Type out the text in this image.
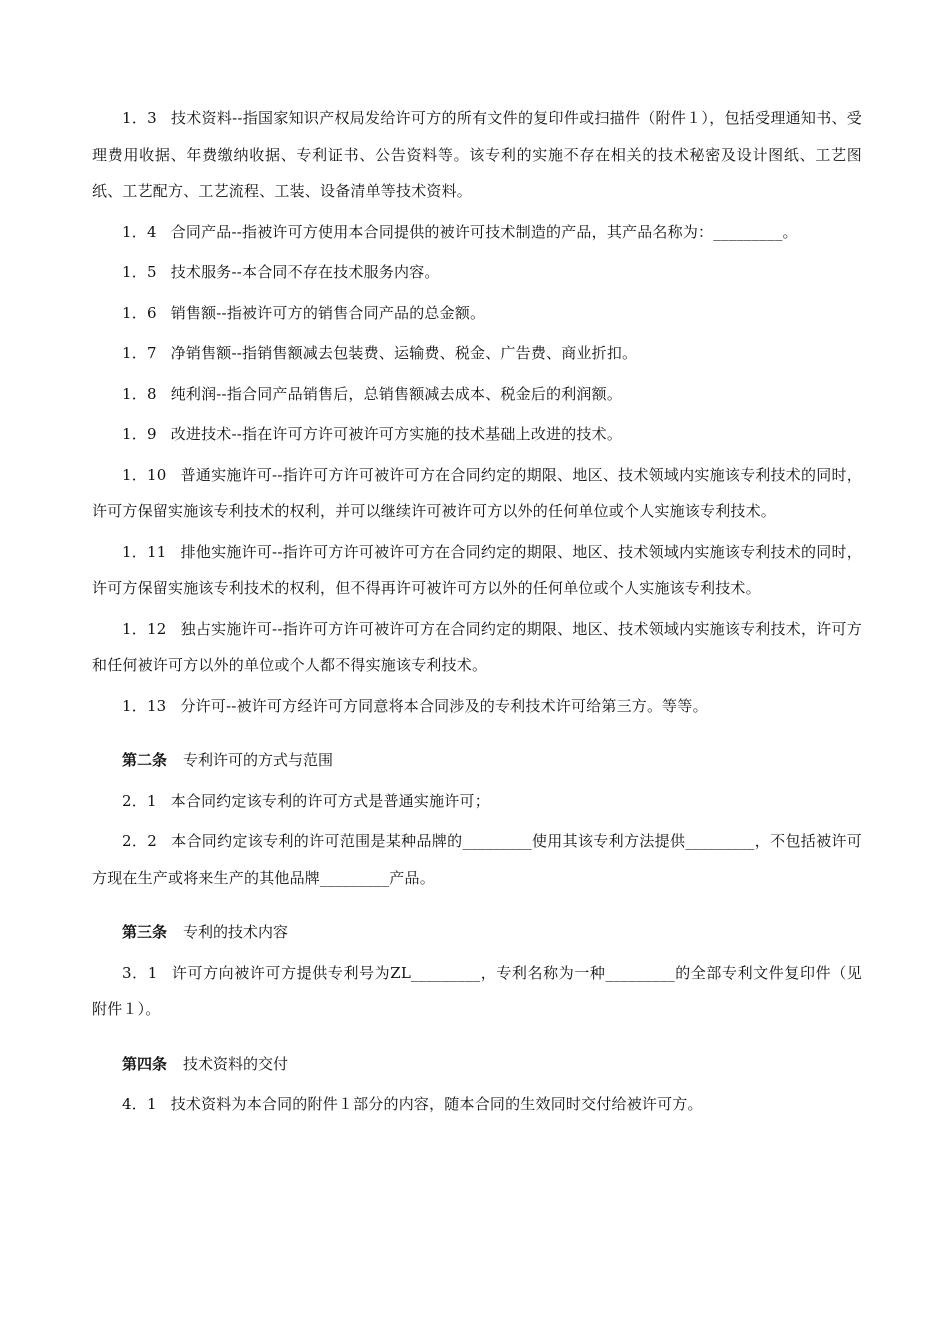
1．3 技术资料--指国家知识产权局发给许可方的所有文件的复印件或扫描件（附件１），包括受理通知书、受理费用收据、年费缴纳收据、专利证书、公告资料等。该专利的实施不存在相关的技术秘密及设计图纸、工艺图纸、工艺配方、工艺流程、工装、设备清单等技术资料。

1．4 合同产品--指被许可方使用本合同提供的被许可技术制造的产品，其产品名称为：_________。

1．5 技术服务--本合同不存在技术服务内容。

1．6 销售额--指被许可方的销售合同产品的总金额。

1．7 净销售额--指销售额减去包装费、运输费、税金、广告费、商业折扣。

1．8 纯利润--指合同产品销售后，总销售额减去成本、税金后的利润额。

1．9 改进技术--指在许可方许可被许可方实施的技术基础上改进的技术。

1．10 普通实施许可--指许可方许可被许可方在合同约定的期限、地区、技术领域内实施该专利技术的同时，许可方保留实施该专利技术的权利，并可以继续许可被许可方以外的任何单位或个人实施该专利技术。

1．11 排他实施许可--指许可方许可被许可方在合同约定的期限、地区、技术领域内实施该专利技术的同时，许可方保留实施该专利技术的权利，但不得再许可被许可方以外的任何单位或个人实施该专利技术。

1．12 独占实施许可--指许可方许可被许可方在合同约定的期限、地区、技术领域内实施该专利技术，许可方和任何被许可方以外的单位或个人都不得实施该专利技术。

1．13 分许可--被许可方经许可方同意将本合同涉及的专利技术许可给第三方。等等。

第二条 专利许可的方式与范围

2．1 本合同约定该专利的许可方式是普通实施许可；

2．2 本合同约定该专利的许可范围是某种品牌的_________使用其该专利方法提供_________，不包括被许可方现在生产或将来生产的其他品牌_________产品。

第三条 专利的技术内容

3．1 许可方向被许可方提供专利号为ZL_________，专利名称为一种_________的全部专利文件复印件（见附件１）。

第四条 技术资料的交付

4．1 技术资料为本合同的附件１部分的内容，随本合同的生效同时交付给被许可方。
